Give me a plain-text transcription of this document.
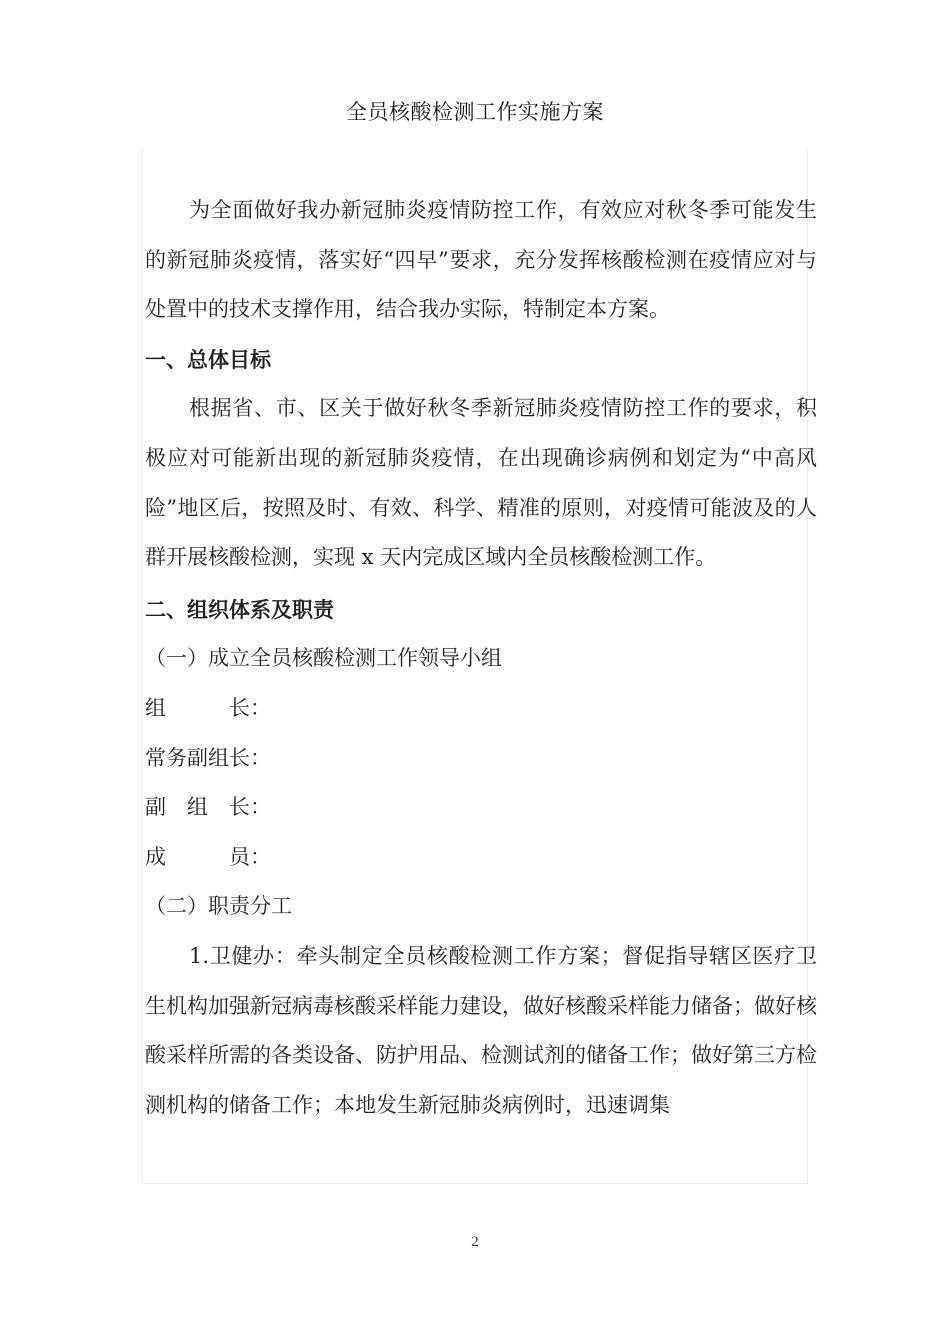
全员核酸检测工作实施方案

为全面做好我办新冠肺炎疫情防控工作，有效应对秋冬季可能发生的新冠肺炎疫情，落实好“四早”要求，充分发挥核酸检测在疫情应对与处置中的技术支撑作用，结合我办实际，特制定本方案。

一、总体目标

根据省、市、区关于做好秋冬季新冠肺炎疫情防控工作的要求，积极应对可能新出现的新冠肺炎疫情，在出现确诊病例和划定为“中高风险”地区后，按照及时、有效、科学、精准的原则，对疫情可能波及的人群开展核酸检测，实现 x 天内完成区域内全员核酸检测工作。

二、组织体系及职责

（一）成立全员核酸检测工作领导小组

组　　　长：

常务副组长：

副　组　长：

成　　　员：

（二）职责分工

1.卫健办：牵头制定全员核酸检测工作方案；督促指导辖区医疗卫生机构加强新冠病毒核酸采样能力建设，做好核酸采样能力储备；做好核酸采样所需的各类设备、防护用品、检测试剂的储备工作；做好第三方检测机构的储备工作；本地发生新冠肺炎病例时，迅速调集

2
